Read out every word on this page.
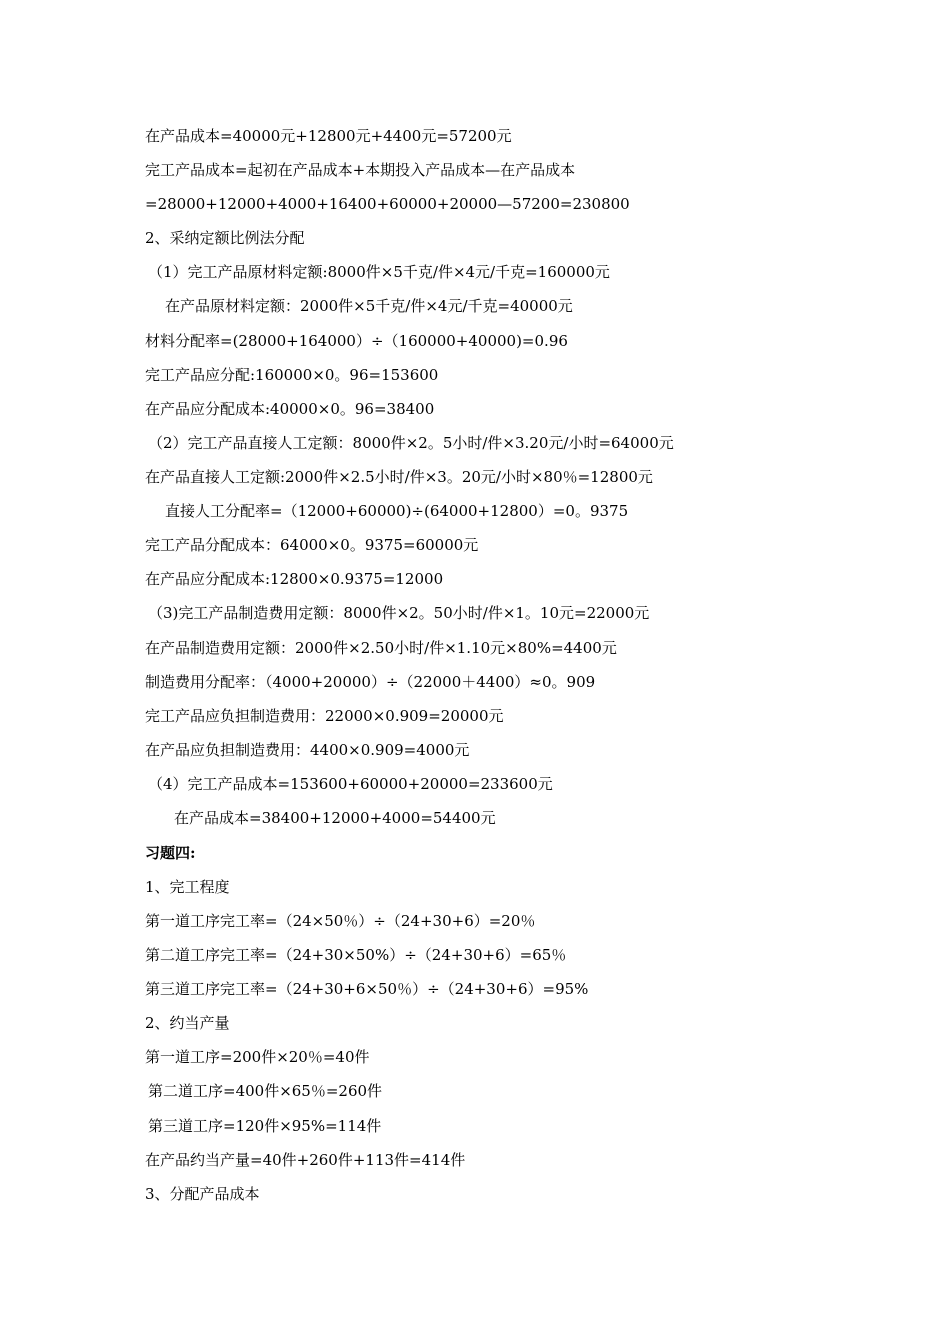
在产品成本=40000元+12800元+4400元=57200元
完工产品成本=起初在产品成本+本期投入产品成本—在产品成本
=28000+12000+4000+16400+60000+20000—57200=230800
2、采纳定额比例法分配
（1）完工产品原材料定额:8000件×5千克/件×4元/千克=160000元
在产品原材料定额：2000件×5千克/件×4元/千克=40000元
材料分配率=(28000+164000）÷（160000+40000)=0.96
完工产品应分配:160000×0。96=153600
在产品应分配成本:40000×0。96=38400
（2）完工产品直接人工定额：8000件×2。5小时/件×3.20元/小时=64000元
在产品直接人工定额:2000件×2.5小时/件×3。20元/小时×80％=12800元
直接人工分配率=（12000+60000)÷(64000+12800）=0。9375
完工产品分配成本：64000×0。9375=60000元
在产品应分配成本:12800×0.9375=12000
（3)完工产品制造费用定额：8000件×2。50小时/件×1。10元=22000元
在产品制造费用定额：2000件×2.50小时/件×1.10元×80%=4400元
制造费用分配率：（4000+20000）÷（22000＋4400）≈0。909
完工产品应负担制造费用：22000×0.909=20000元
在产品应负担制造费用：4400×0.909=4000元
（4）完工产品成本=153600+60000+20000=233600元
在产品成本=38400+12000+4000=54400元
习题四:
1、完工程度
第一道工序完工率=（24×50％）÷（24+30+6）=20％
第二道工序完工率=（24+30×50%）÷（24+30+6）=65％
第三道工序完工率=（24+30+6×50％）÷（24+30+6）=95%
2、约当产量
第一道工序=200件×20％=40件
第二道工序=400件×65％=260件
第三道工序=120件×95%=114件
在产品约当产量=40件+260件+113件=414件
3、分配产品成本
